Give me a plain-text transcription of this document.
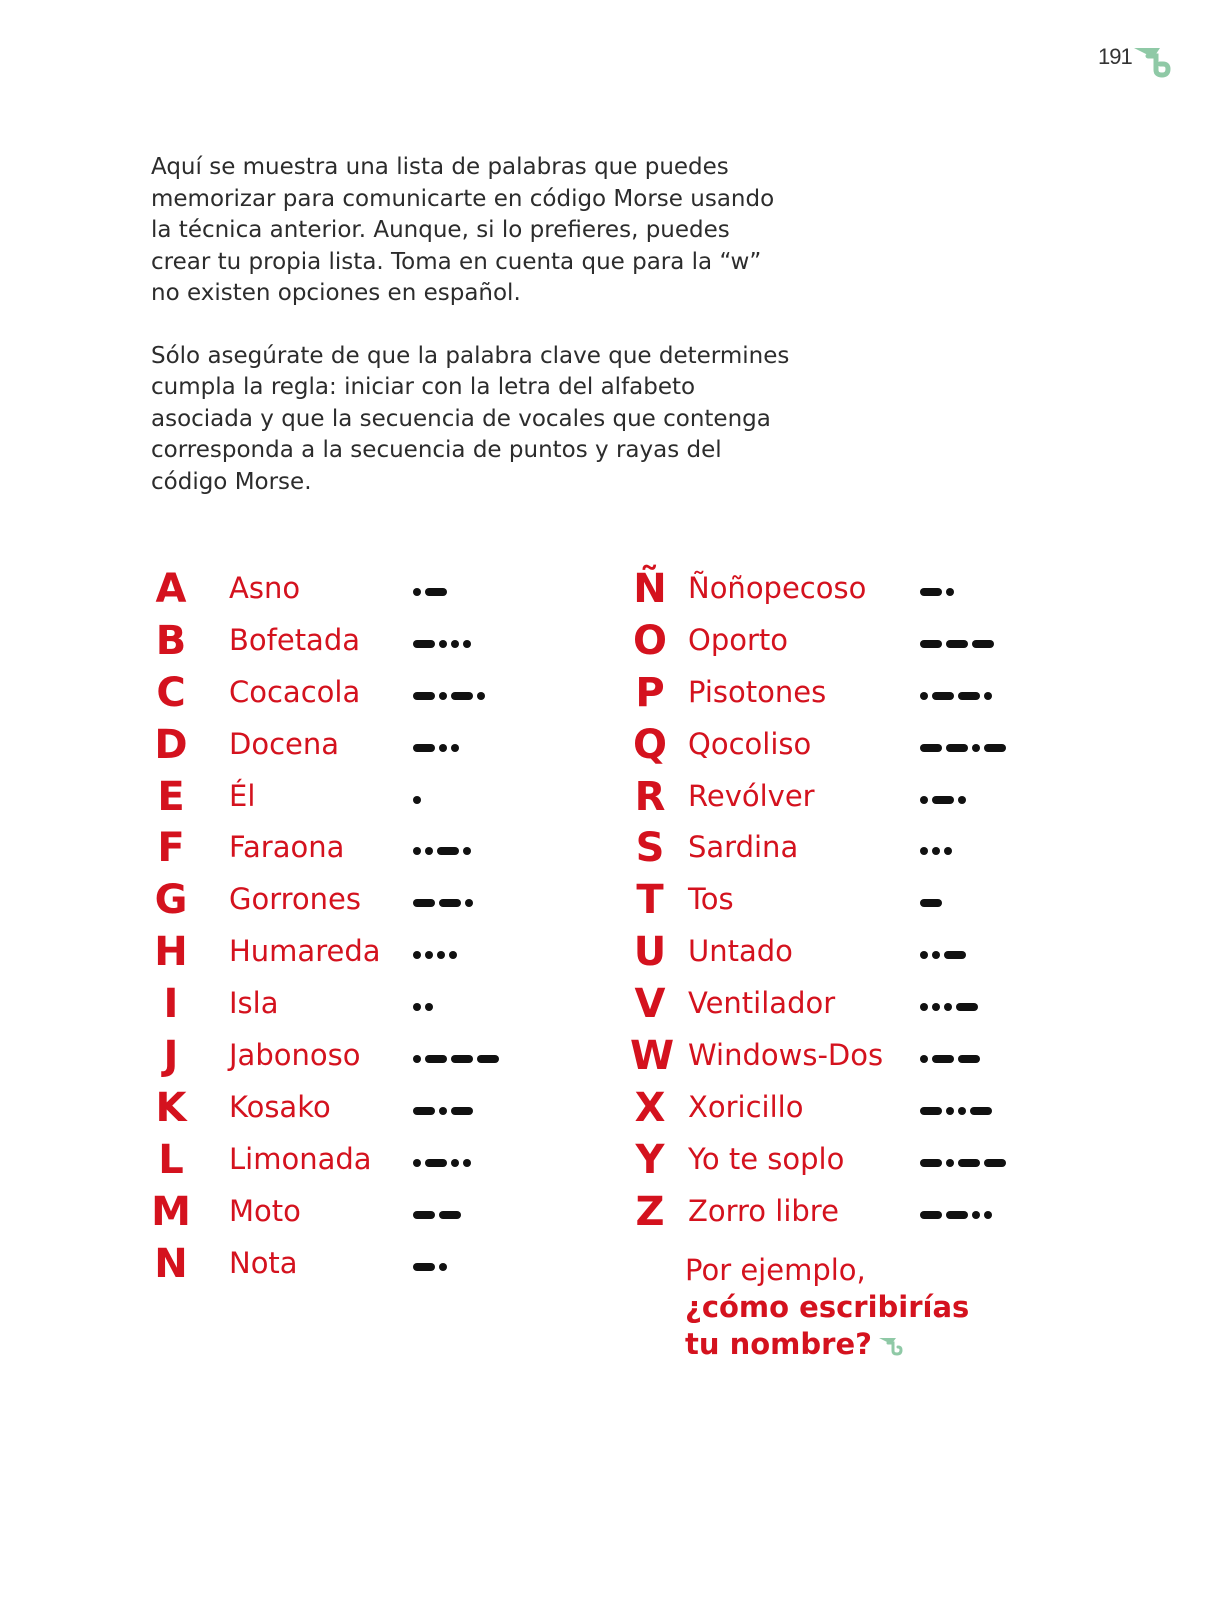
191

Aquí se muestra una lista de palabras que puedes memorizar para comunicarte en código Morse usando la técnica anterior. Aunque, si lo prefieres, puedes crear tu propia lista. Toma en cuenta que para la “w” no existen opciones en español.

Sólo asegúrate de que la palabra clave que determines cumpla la regla: iniciar con la letra del alfabeto asociada y que la secuencia de vocales que contenga corresponda a la secuencia de puntos y rayas del código Morse.

A Asno
B Bofetada
C Cocacola
D Docena
E Él
F Faraona
G Gorrones
H Humareda
I	Isla
J	Jabonoso
K Kosako
L Limonada
M Moto
N Nota
Ñ Ñoñopecoso
O Oporto
P Pisotones
Q Qocoliso
R Revólver
S Sardina
T Tos
U Untado
V Ventilador
W Windows-Dos
X Xoricillo
Y Yo te soplo
Z Zorro libre
Por ejemplo,
¿cómo escribirías
tu nombre?
